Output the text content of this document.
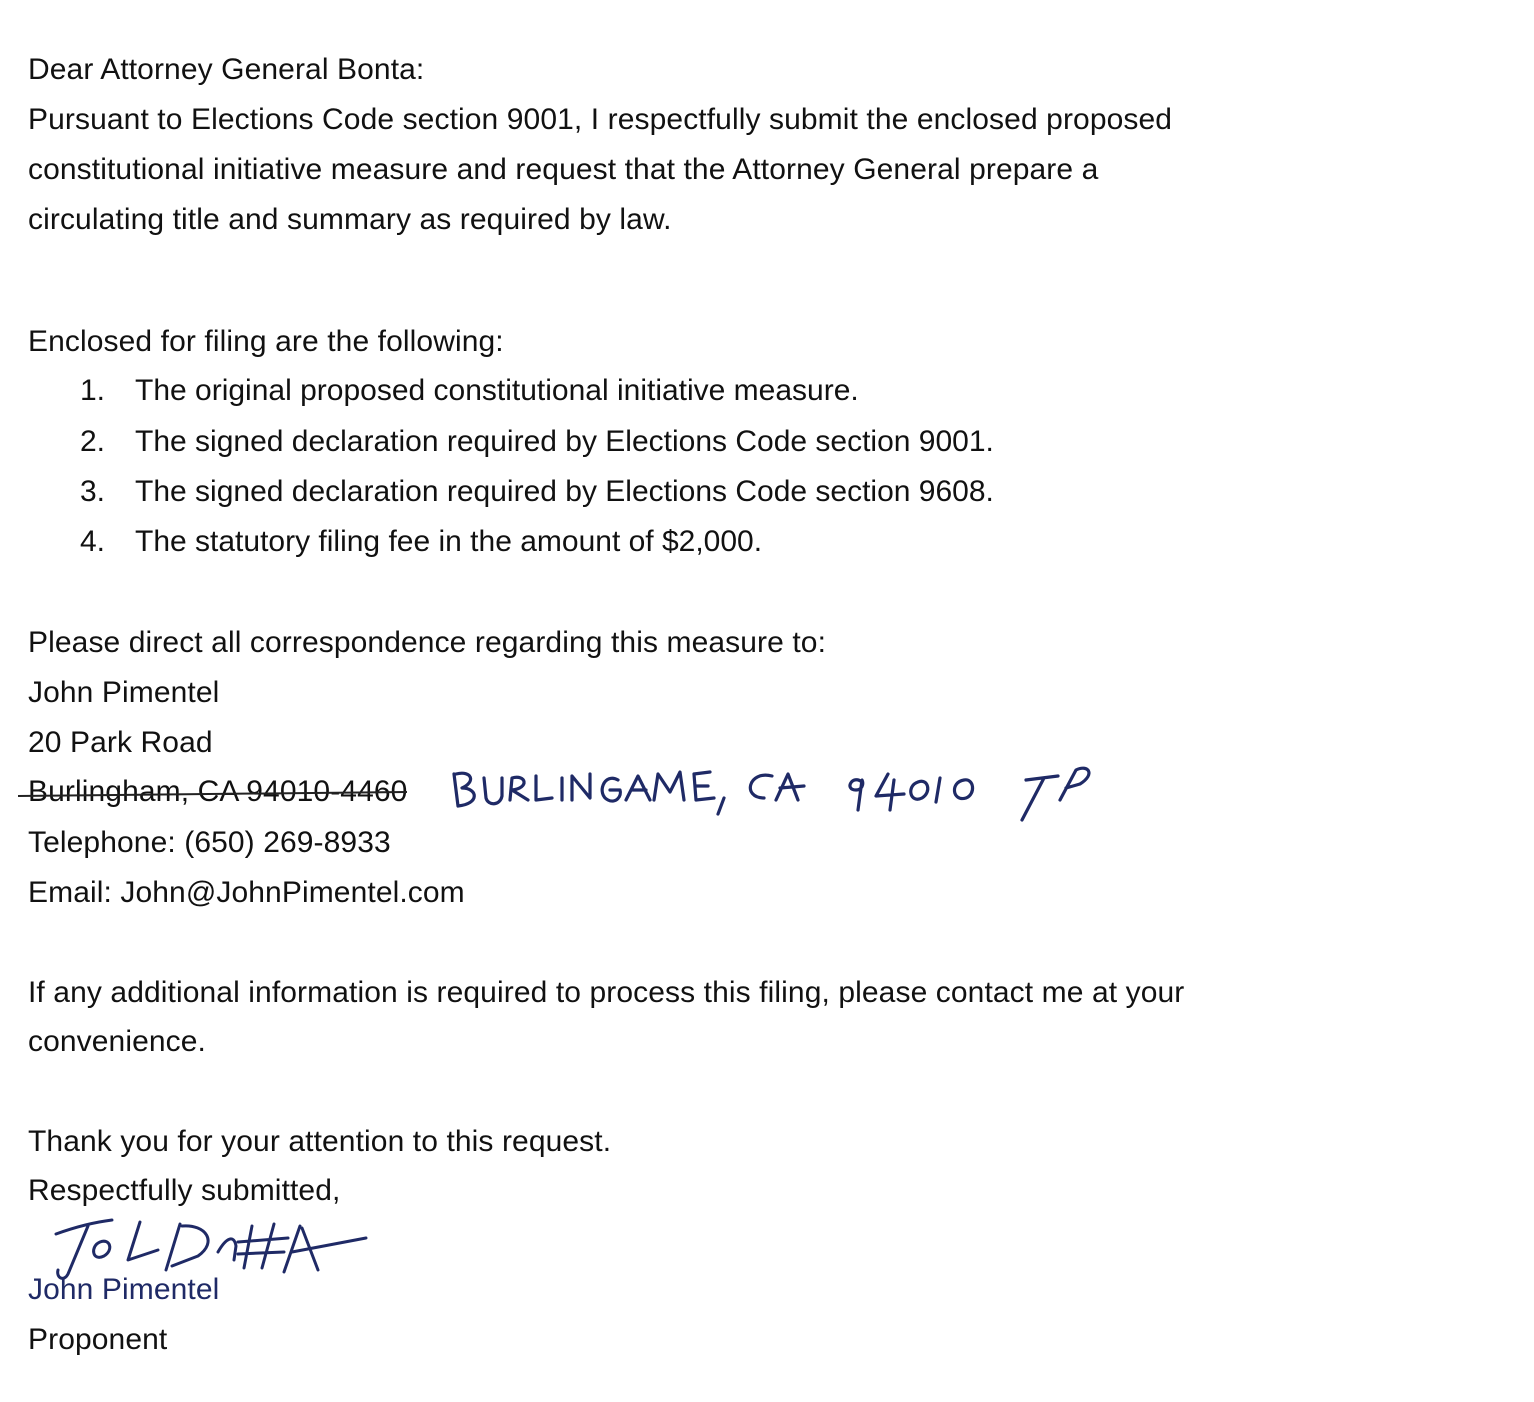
Dear Attorney General Bonta:
Pursuant to Elections Code section 9001, I respectfully submit the enclosed proposed
constitutional initiative measure and request that the Attorney General prepare a
circulating title and summary as required by law.
Enclosed for filing are the following:
1. The original proposed constitutional initiative measure.
2. The signed declaration required by Elections Code section 9001.
3. The signed declaration required by Elections Code section 9608.
4. The statutory filing fee in the amount of $2,000.
Please direct all correspondence regarding this measure to:
John Pimentel
20 Park Road
Burlingham, CA 94010-4460
Telephone: (650) 269-8933
Email: John@JohnPimentel.com
If any additional information is required to process this filing, please contact me at your
convenience.
Thank you for your attention to this request.
Respectfully submitted,
John Pimentel
Proponent
